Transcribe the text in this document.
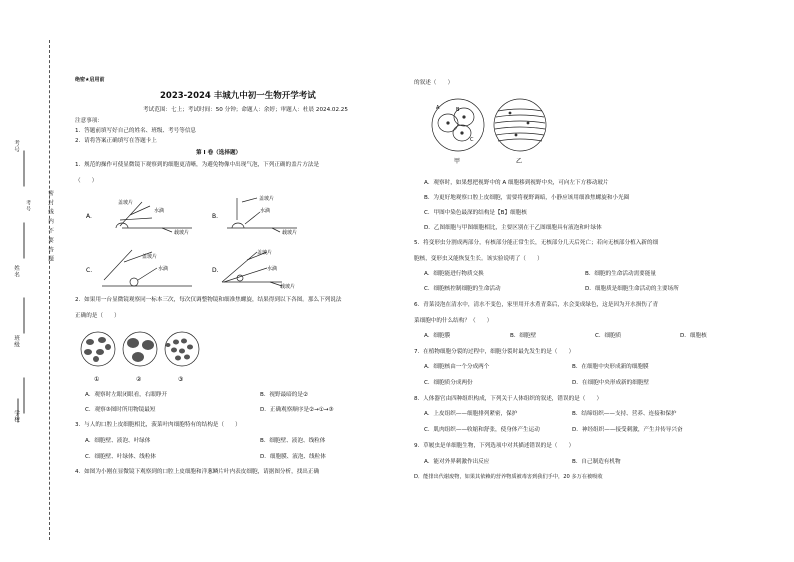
密 封 线 内 不 要 答 题
学校
班级
姓名
考号
考号
绝密★启用前
2023-2024 丰城九中初一生物开学考试
考试范围：七上；考试时间：50 分钟；命题人：余婷；审题人：杜晨 2024.02.25
注意事项：
1．答题前填写好自己的姓名、班级、考号等信息
2．请将答案正确填写在答题卡上
第 I 卷（选择题）
1．规范的操作可使显微镜下观察到的细胞更清晰，为避免物像中出现气泡，下列正确的盖片方法是
（　　）
A.	B.
C.	D.
盖玻片
水滴
载玻片
盖玻片
水滴
载玻片
盖玻片
水滴
盖玻片
水滴
载玻片
2．如果用一台显微镜观察同一标本三次，每次仅调整物镜和细准焦螺旋，结果得到以下各图。那么下列说法
正确的是（　　）
①	②	③
A．观察时左眼闭眼看，右眼睁开	B．视野最暗的是②
C．观察③图时所用物镜最短	D．正确观察顺序是②→①→③
3．与人的口腔上皮细胞相比，菠菜叶肉细胞特有的结构是（　　）
A．细胞壁、液泡、叶绿体	B．细胞壁、液泡、线粒体
C．细胞壁、叶绿体、线粒体	D．细胞膜、液泡、线粒体
4．如图为小刚在显微镜下观察到的口腔上皮细胞和洋葱鳞片叶内表皮细胞，请据图分析，找出正确
的叙述（　　）
A	B
C
甲	乙
A．观察时，如果想把视野中的 A 细胞移到视野中央，可向左下方移动玻片
B．为更好地观察口腔上皮细胞，需要将视野调暗，小静应该用细准焦螺旋和小光圈
C．甲图中染色最深的结构是【B】细胞核
D．乙图细胞与甲图细胞相比，主要区别在于乙图细胞具有液泡和叶绿体
5．将变形虫分割成两部分，有核部分能正常生长，无核部分几天后死亡；若向无核部分植入新的细
胞核，变形虫又能恢复生长。该实验说明了（　　）
A．细胞能进行物质交换	B．细胞的生命活动需要能量
C．细胞核控制细胞的生命活动	D．细胞质是细胞生命活动的主要场所
6．青菜浸泡在清水中，清水不变色，家里用开水煮青菜后，水会变成绿色，这是因为开水损伤了青
菜细胞中的什么结构？（　　）
A．细胞膜	B．细胞壁	C．细胞质	D．细胞核
7．在植物细胞分裂的过程中，细胞分裂时最先发生的是（　　）
A．细胞核由一个分成两个	B．在细胞中央形成新的细胞膜
C．细胞质分成两份	D．在细胞中央形成新的细胞壁
8．人体器官由四种组织构成，下列关于人体组织的叙述，错误的是（　　）
A．上皮组织——细胞排列紧密，保护	B．结缔组织——支持、营养、连接和保护
C．肌肉组织——收缩和舒张，使身体产生运动	D．神经组织——接受刺激，产生并传导兴奋
9．草履虫是单细胞生物，下列选项中对其描述错误的是（　　）
A．能对外界刺激作出反应	B．自己制造有机物
D．能排出代谢废物，如果其依赖的营养物质被毒害到我们手中，20 多万在被吸收
